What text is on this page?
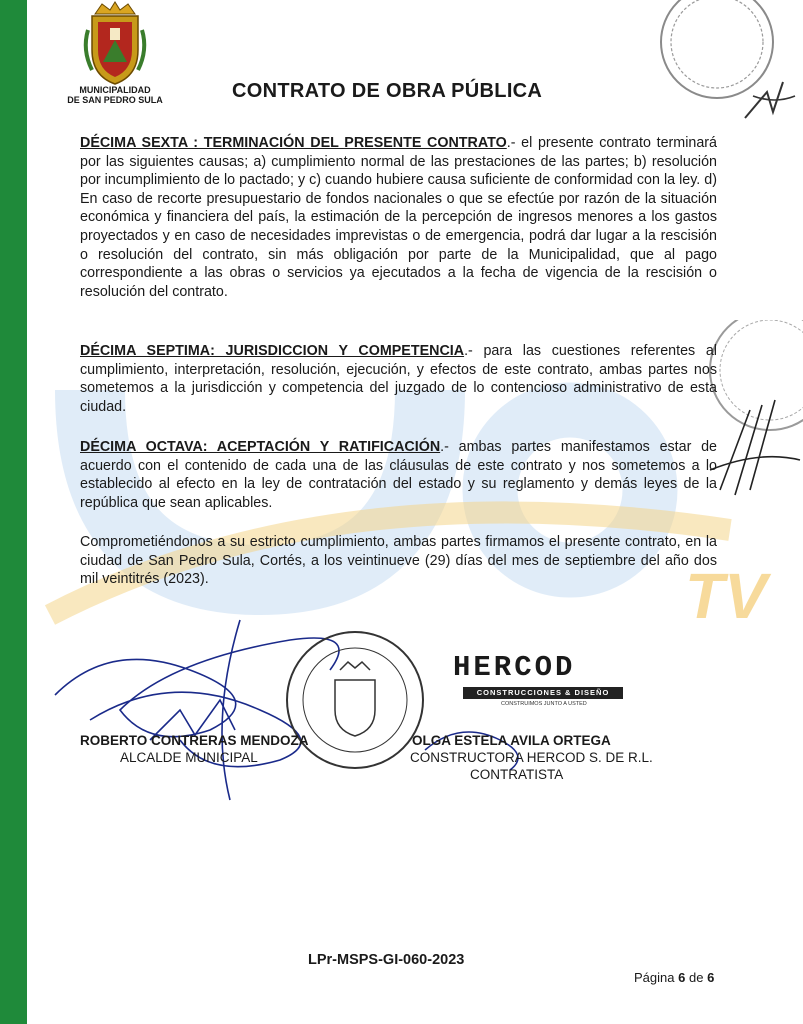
MUNICIPALIDAD
DE SAN PEDRO SULA	CONTRATO DE OBRA PÚBLICA
TV
DÉCIMA SEXTA : TERMINACIÓN DEL PRESENTE CONTRATO.- el presente contrato terminará por las siguientes causas; a) cumplimiento normal de las prestaciones de las partes; b) resolución por incumplimiento de lo pactado; y c) cuando hubiere causa suficiente de conformidad con la ley. d) En caso de recorte presupuestario de fondos nacionales o que se efectúe por razón de la situación económica y financiera del país, la estimación de la percepción de ingresos menores a los gastos proyectados y en caso de necesidades imprevistas o de emergencia, podrá dar lugar a la rescisión o resolución del contrato, sin más obligación por parte de la Municipalidad, que al pago correspondiente a las obras o servicios ya ejecutados a la fecha de vigencia de la rescisión o resolución del contrato.
DÉCIMA SEPTIMA: JURISDICCION Y COMPETENCIA.- para las cuestiones referentes al cumplimiento, interpretación, resolución, ejecución, y efectos de este contrato, ambas partes nos sometemos a la jurisdicción y competencia del juzgado de lo contencioso administrativo de esta ciudad.
DÉCIMA OCTAVA: ACEPTACIÓN Y RATIFICACIÓN.- ambas partes manifestamos estar de acuerdo con el contenido de cada una de las cláusulas de este contrato y nos sometemos a lo establecido al efecto en la ley de contratación del estado y su reglamento y demás leyes de la república que sean aplicables.
Comprometiéndonos a su estricto cumplimiento, ambas partes firmamos el presente contrato, en la ciudad de San Pedro Sula, Cortés, a los veintinueve (29) días del mes de septiembre del año dos mil veintitrés (2023).
HERCOD
CONSTRUCCIONES & DISEÑO
CONSTRUIMOS JUNTO A USTED
ROBERTO CONTRERAS MENDOZA
ALCALDE MUNICIPAL
OLGA ESTELA AVILA ORTEGA
CONSTRUCTORA HERCOD S. DE R.L.
CONTRATISTA
LPr-MSPS-GI-060-2023
Página 6 de 6
